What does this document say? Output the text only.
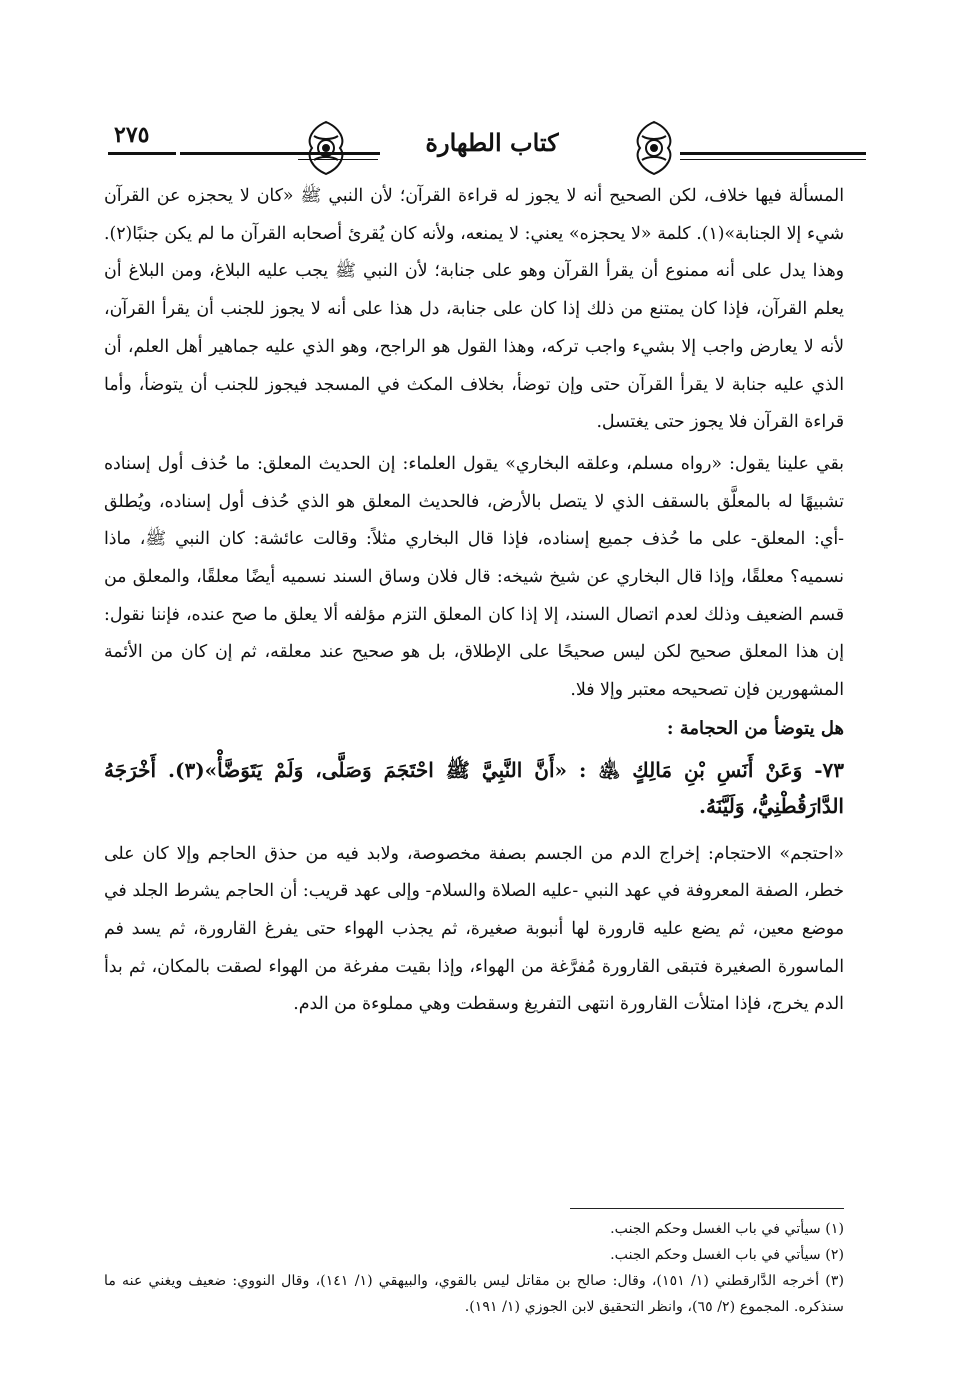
٢٧٥	كتاب الطهارة

المسألة فيها خلاف، لكن الصحيح أنه لا يجوز له قراءة القرآن؛ لأن النبي ﷺ «كان لا يحجزه عن القرآن شيء إلا الجنابة»(١). كلمة «لا يحجزه» يعني: لا يمنعه، ولأنه كان يُقرئ أصحابه القرآن ما لم يكن جنبًا(٢). وهذا يدل على أنه ممنوع أن يقرأ القرآن وهو على جنابة؛ لأن النبي ﷺ يجب عليه البلاغ، ومن البلاغ أن يعلم القرآن، فإذا كان يمتنع من ذلك إذا كان على جنابة، دل هذا على أنه لا يجوز للجنب أن يقرأ القرآن، لأنه لا يعارض واجب إلا بشيء واجب تركه، وهذا القول هو الراجح، وهو الذي عليه جماهير أهل العلم، أن الذي عليه جنابة لا يقرأ القرآن حتى وإن توضأ، بخلاف المكث في المسجد فيجوز للجنب أن يتوضأ، وأما قراءة القرآن فلا يجوز حتى يغتسل.

بقي علينا يقول: «رواه مسلم، وعلقه البخاري» يقول العلماء: إن الحديث المعلق: ما حُذف أول إسناده تشبيهًا له بالمعلَّق بالسقف الذي لا يتصل بالأرض، فالحديث المعلق هو الذي حُذف أول إسناده، ويُطلق -أي: المعلق- على ما حُذف جميع إسناده، فإذا قال البخاري مثلاً: وقالت عائشة: كان النبي ﷺ، ماذا نسميه؟ معلقًا، وإذا قال البخاري عن شيخ شيخه: قال فلان وساق السند نسميه أيضًا معلقًا، والمعلق من قسم الضعيف وذلك لعدم اتصال السند، إلا إذا كان المعلق التزم مؤلفه ألا يعلق ما صح عنده، فإننا نقول: إن هذا المعلق صحيح لكن ليس صحيحًا على الإطلاق، بل هو صحيح عند معلقه، ثم إن كان من الأئمة المشهورين فإن تصحيحه معتبر وإلا فلا.

هل يتوضأ من الحجامة :

٧٣- وَعَنْ أَنَسِ بْنِ مَالِكٍ ﵁ : «أَنَّ النَّبِيَّ ﷺ احْتَجَمَ وَصَلَّى، وَلَمْ يَتَوَضَّأْ»(٣). أَخْرَجَهُ الدَّارَقُطْنِيُّ، وَلَيَّنَهُ.

«احتجم» الاحتجام: إخراج الدم من الجسم بصفة مخصوصة، ولابد فيه من حذق الحاجم وإلا كان على خطر، الصفة المعروفة في عهد النبي -عليه الصلاة والسلام- وإلى عهد قريب: أن الحاجم يشرط الجلد في موضع معين، ثم يضع عليه قارورة لها أنبوبة صغيرة، ثم يجذب الهواء حتى يفرغ القارورة، ثم يسد فم الماسورة الصغيرة فتبقى القارورة مُفرَّغة من الهواء، وإذا بقيت مفرغة من الهواء لصقت بالمكان، ثم بدأ الدم يخرج، فإذا امتلأت القارورة انتهى التفريغ وسقطت وهي مملوءة من الدم.

(١) سيأتي في باب الغسل وحكم الجنب.

(٢) سيأتي في باب الغسل وحكم الجنب.

(٣) أخرجه الدَّارقطني (١/ ١٥١)، وقال: صالح بن مقاتل ليس بالقوي، والبيهقي (١/ ١٤١)، وقال النووي: ضعيف ويغني عنه ما سنذكره. المجموع (٢/ ٦٥)، وانظر التحقيق لابن الجوزي (١/ ١٩١).
